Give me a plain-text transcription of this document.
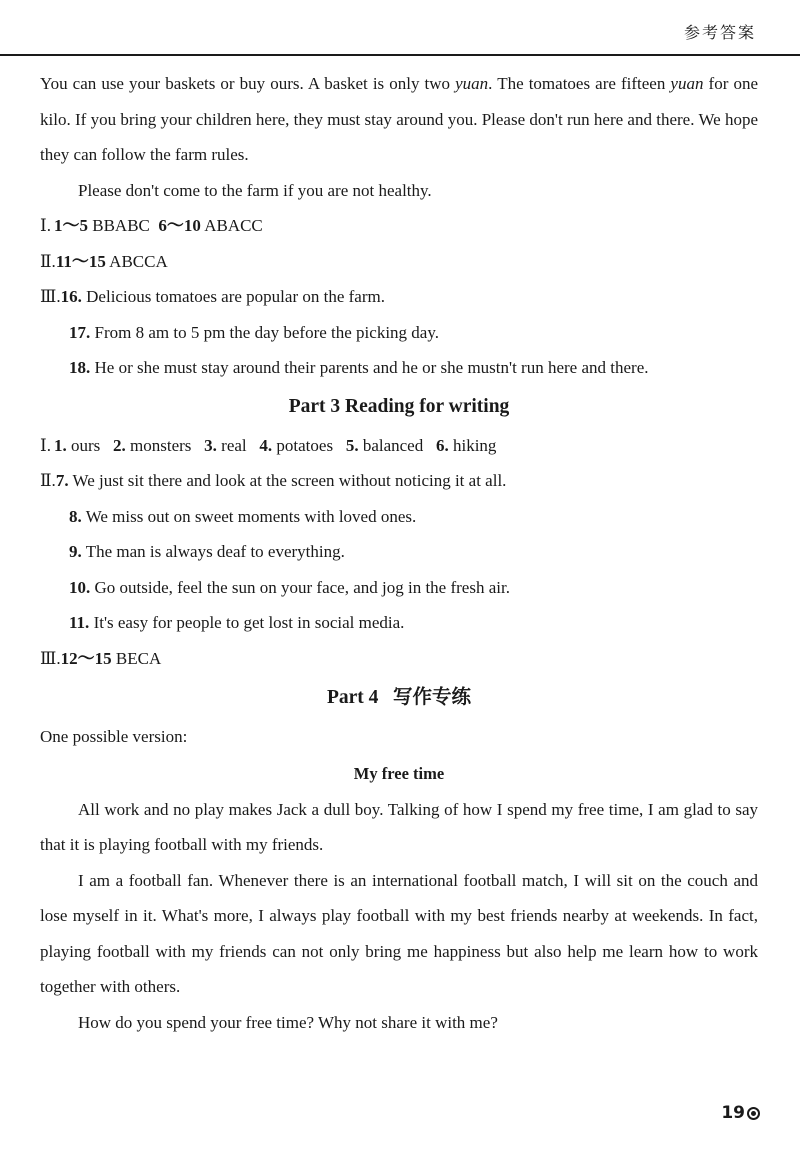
参考答案

You can use your baskets or buy ours. A basket is only two yuan. The tomatoes are fifteen yuan for one kilo. If you bring your children here, they must stay around you. Please don't run here and there. We hope they can follow the farm rules.

Please don't come to the farm if you are not healthy.

Ⅰ. 1～5 BBABC 6～10 ABACC

Ⅱ.11～15 ABCCA

Ⅲ.16. Delicious tomatoes are popular on the farm.

17. From 8 am to 5 pm the day before the picking day.

18. He or she must stay around their parents and he or she mustn't run here and there.

Part 3 Reading for writing

Ⅰ. 1. ours 2. monsters 3. real 4. potatoes 5. balanced 6. hiking

Ⅱ.7. We just sit there and look at the screen without noticing it at all.

8. We miss out on sweet moments with loved ones.

9. The man is always deaf to everything.

10. Go outside, feel the sun on your face, and jog in the fresh air.

11. It's easy for people to get lost in social media.

Ⅲ.12～15 BECA

Part 4   写作专练

One possible version:

My free time

All work and no play makes Jack a dull boy. Talking of how I spend my free time, I am glad to say that it is playing football with my friends.

I am a football fan. Whenever there is an international football match, I will sit on the couch and lose myself in it. What's more, I always play football with my best friends nearby at weekends. In fact, playing football with my friends can not only bring me happiness but also help me learn how to work together with others.

How do you spend your free time? Why not share it with me?

19
